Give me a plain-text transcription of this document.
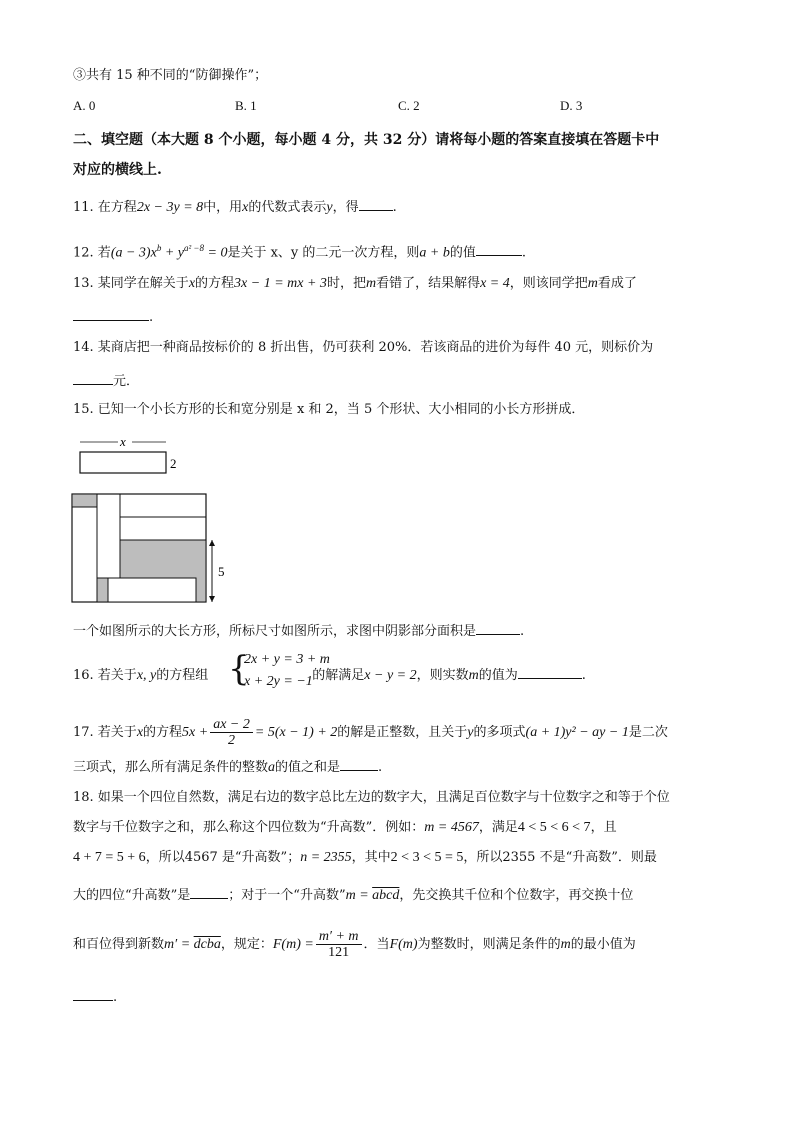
③共有 15 种不同的“防御操作”；
A. 0	B. 1	C. 2	D. 3
二、填空题（本大题 8 个小题，每小题 4 分，共 32 分）请将每小题的答案直接填在答题卡中
对应的横线上.
11. 在方程2x − 3y = 8中，用x的代数式表示y，得	.
12. 若$(a - 3)x^b + y^{a^2 -8} = 0$是关于 x、y 的二元一次方程，则a + b的值	.
13. 某同学在解关于x的方程3x − 1 = mx + 3时，把m看错了，结果解得x = 4，则该同学把m看成了
.
14. 某商店把一种商品按标价的 8 折出售，仍可获利 20%．若该商品的进价为每件 40 元，则标价为
元．
15. 已知一个小长方形的长和宽分别是 x 和 2，当 5 个形状、大小相同的小长方形拼成．
x
2
5
一个如图所示的大长方形，所标尺寸如图所示，求图中阴影部分面积是	.
16. 若关于x, y的方程组	的解满足x − y = 2，则实数m的值为	.
{
2x + y = 3 + m
x + 2y = −1
17. 若关于x的方程$5x + \frac{ax - 2}{2} = 5(x - 1) + 2$的解是正整数，且关于y的多项式(a + 1)y² − ay − 1是二次
三项式，那么所有满足条件的整数a的值之和是	.
18. 如果一个四位自然数，满足右边的数字总比左边的数字大，且满足百位数字与十位数字之和等于个位
数字与千位数字之和，那么称这个四位数为“升高数”．例如：m = 4567，满足4 < 5 < 6 < 7，且
4 + 7 = 5 + 6，所以4567 是“升高数”；n = 2355，其中2 < 3 < 5 = 5，所以2355 不是“升高数”．则最
大的四位“升高数”是	；对于一个“升高数”m = abcd，先交换其千位和个位数字，再交换十位
和百位得到新数m′ = dcba，规定：$F(m) = \frac{m' + m}{121}$ ．当F(m)为整数时，则满足条件的m的最小值为
.
